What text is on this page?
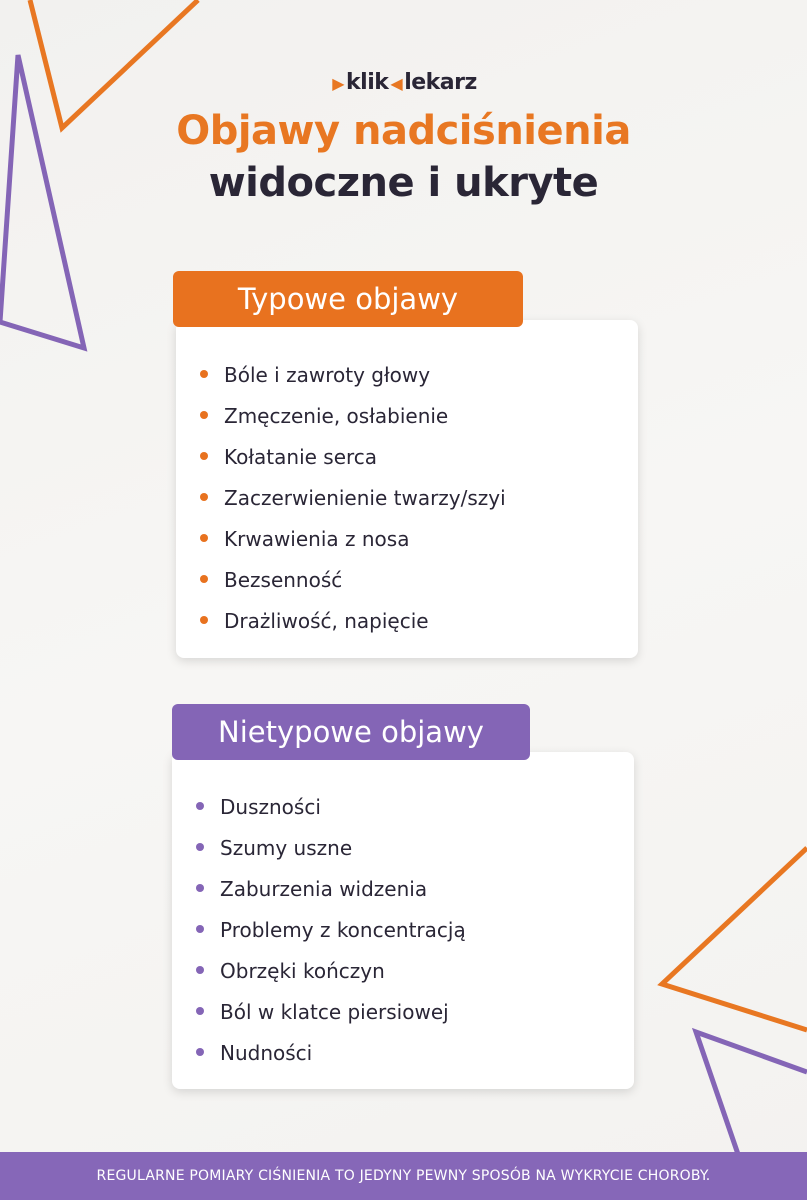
▶klik ◀lekarz
Objawy nadciśnienia
widoczne i ukryte
Bóle i zawroty głowy
Zmęczenie, osłabienie
Kołatanie serca
Zaczerwienienie twarzy/szyi
Krwawienia z nosa
Bezsenność
Drażliwość, napięcie
Typowe objawy
Duszności
Szumy uszne
Zaburzenia widzenia
Problemy z koncentracją
Obrzęki kończyn
Ból w klatce piersiowej
Nudności
Nietypowe objawy
REGULARNE POMIARY CIŚNIENIA TO JEDYNY PEWNY SPOSÓB NA WYKRYCIE CHOROBY.
